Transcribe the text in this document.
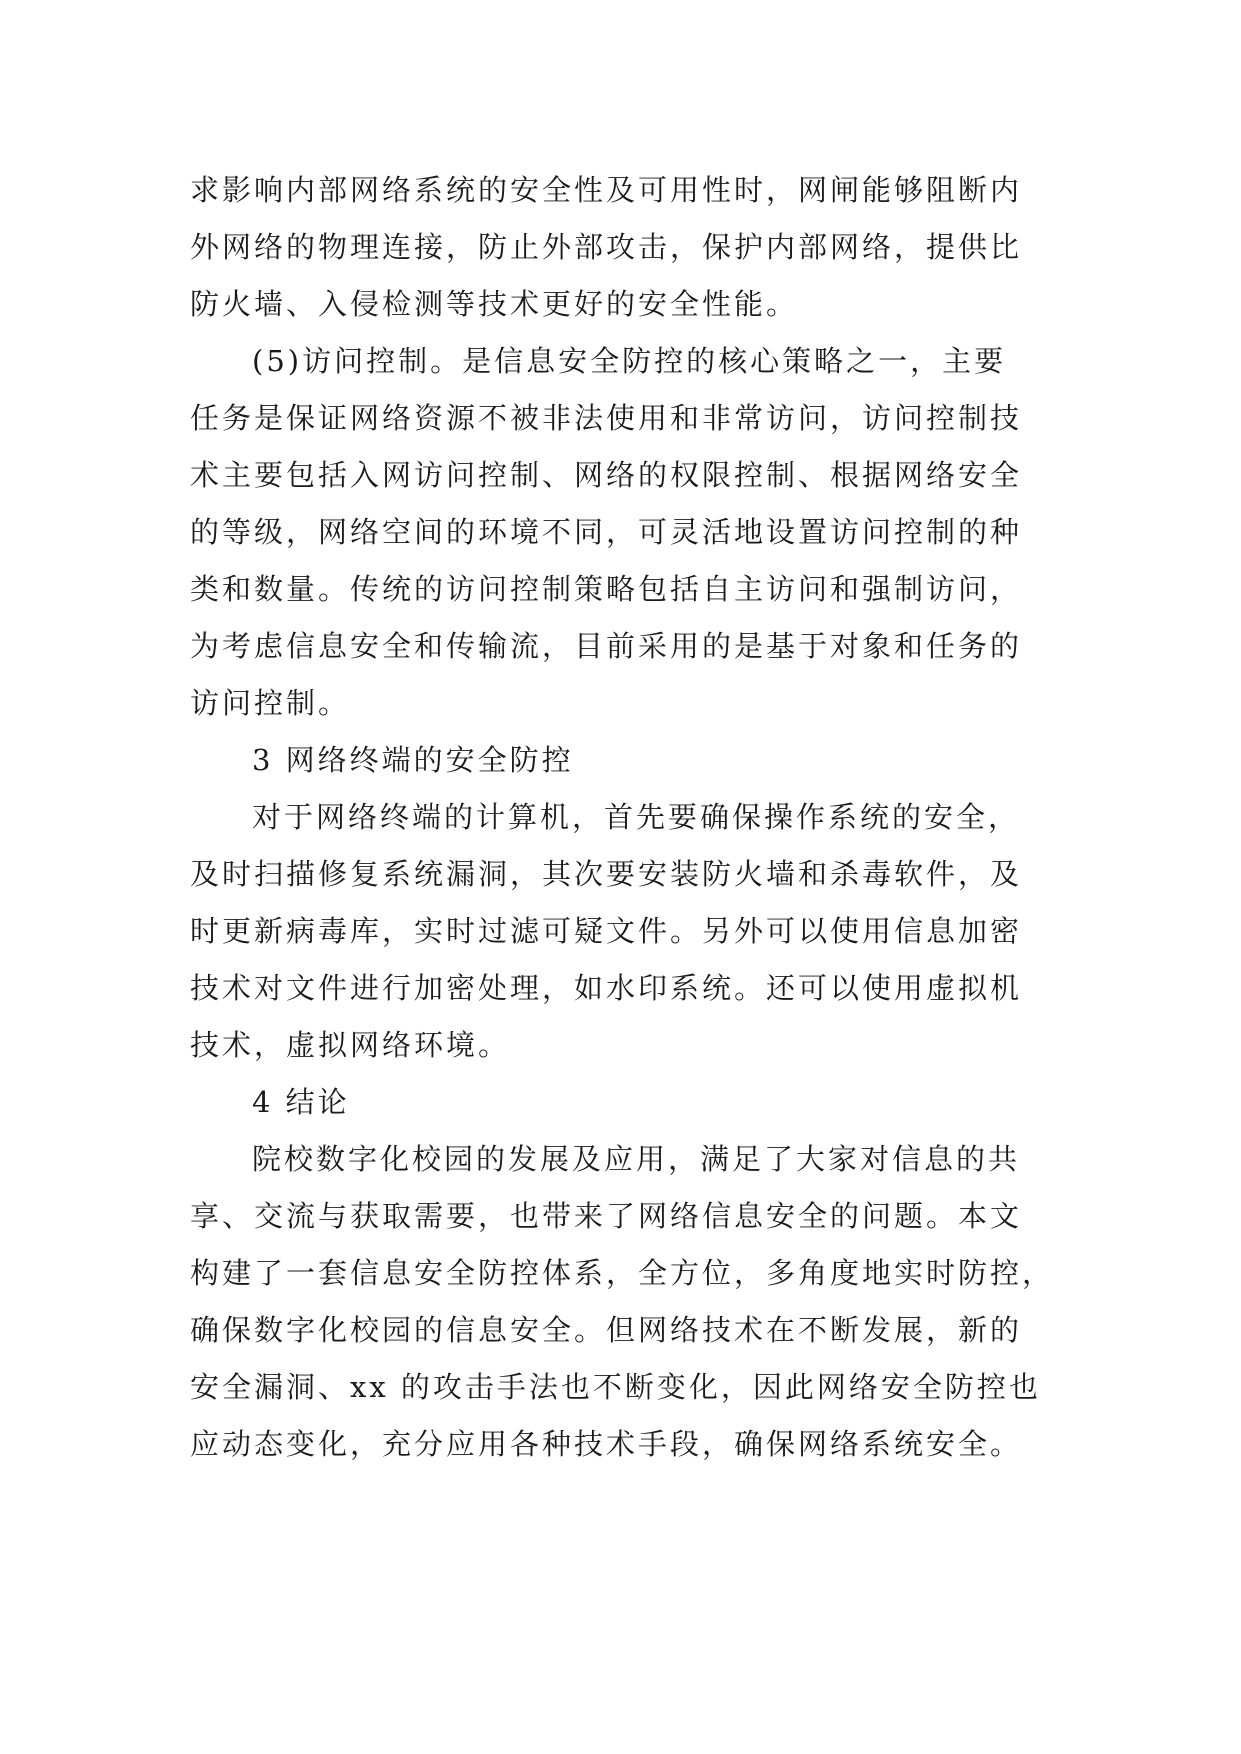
求影响内部网络系统的安全性及可用性时，网闸能够阻断内
外网络的物理连接，防止外部攻击，保护内部网络，提供比
防火墙、入侵检测等技术更好的安全性能。
(5)访问控制。是信息安全防控的核心策略之一，主要
任务是保证网络资源不被非法使用和非常访问，访问控制技
术主要包括入网访问控制、网络的权限控制、根据网络安全
的等级，网络空间的环境不同，可灵活地设置访问控制的种
类和数量。传统的访问控制策略包括自主访问和强制访问，
为考虑信息安全和传输流，目前采用的是基于对象和任务的
访问控制。
3 网络终端的安全防控
对于网络终端的计算机，首先要确保操作系统的安全，
及时扫描修复系统漏洞，其次要安装防火墙和杀毒软件，及
时更新病毒库，实时过滤可疑文件。另外可以使用信息加密
技术对文件进行加密处理，如水印系统。还可以使用虚拟机
技术，虚拟网络环境。
4 结论
院校数字化校园的发展及应用，满足了大家对信息的共
享、交流与获取需要，也带来了网络信息安全的问题。本文
构建了一套信息安全防控体系，全方位，多角度地实时防控，
确保数字化校园的信息安全。但网络技术在不断发展，新的
安全漏洞、xx 的攻击手法也不断变化，因此网络安全防控也
应动态变化，充分应用各种技术手段，确保网络系统安全。
